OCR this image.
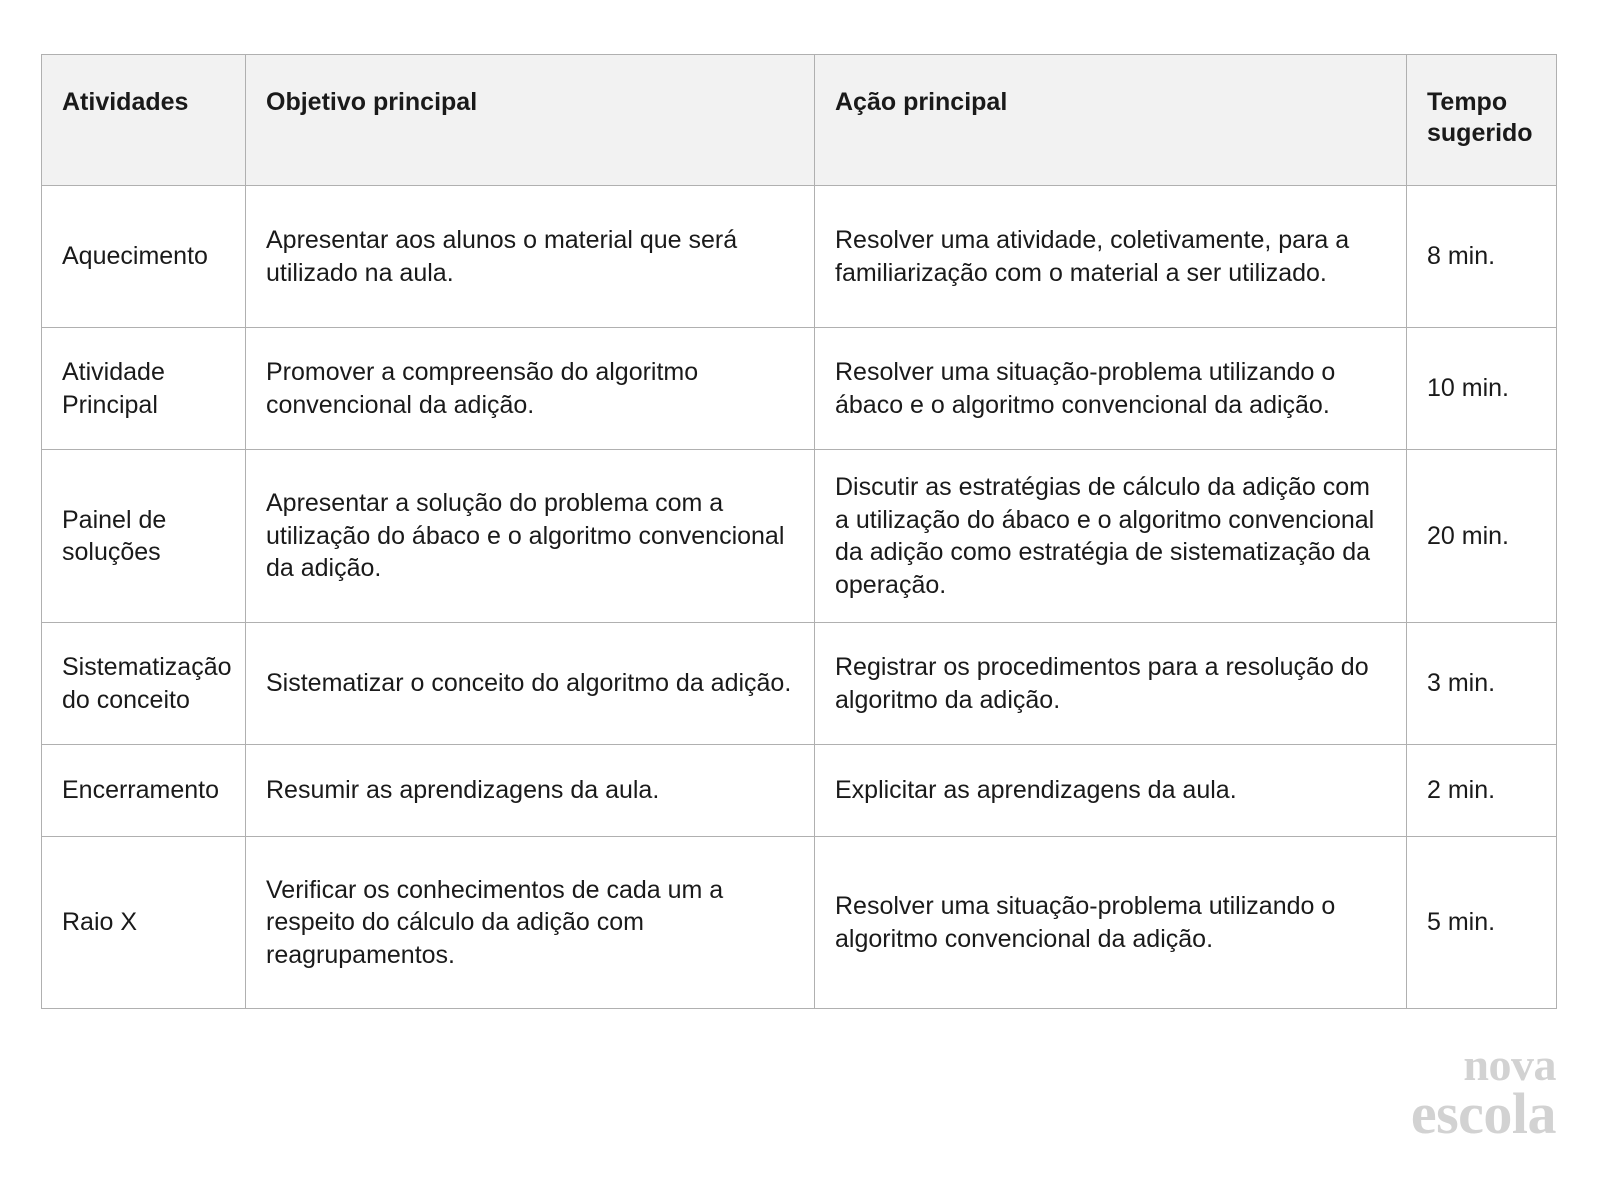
Atividades	Objetivo principal	Ação principal	Tempo sugerido
Aquecimento	Apresentar aos alunos o material que será utilizado na aula.	Resolver uma atividade, coletivamente, para a familiarização com o material a ser utilizado.	8 min.
Atividade Principal	Promover a compreensão do algoritmo convencional da adição.	Resolver uma situação-problema utilizando o ábaco e o algoritmo convencional da adição.	10 min.
Painel de soluções	Apresentar a solução do problema com a utilização do ábaco e o algoritmo convencional da adição.	Discutir as estratégias de cálculo da adição com a utilização do ábaco e o algoritmo convencional da adição como estratégia de sistematização da operação.	20 min.
Sistematização do conceito	Sistematizar o conceito do algoritmo da adição.	Registrar os procedimentos para a resolução do algoritmo da adição.	3 min.
Encerramento	Resumir as aprendizagens da aula.	Explicitar as aprendizagens da aula.	2 min.
Raio X	Verificar os conhecimentos de cada um a respeito do cálculo da adição com reagrupamentos.	Resolver uma situação-problema utilizando o algoritmo convencional da adição.	5 min.
nova
escola
